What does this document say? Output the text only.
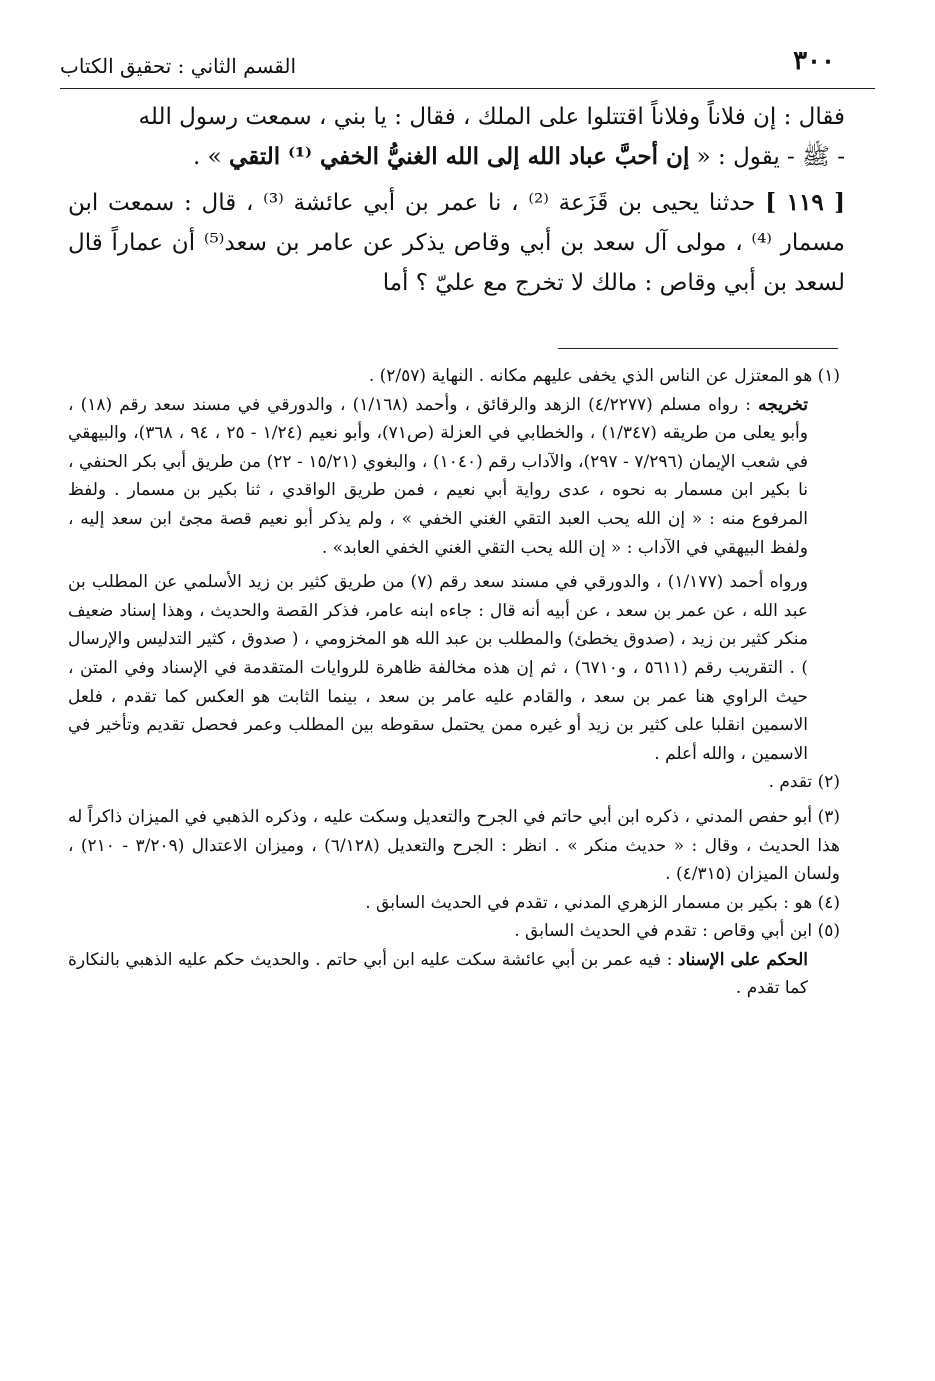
٣٠٠
القسم الثاني : تحقيق الكتاب

فقال : إن فلاناً وفلاناً اقتتلوا على الملك ، فقال : يا بني ، سمعت رسول الله

- ﷺ - يقول : « إن أحبَّ عباد الله إلى الله الغنيُّ الخفي ⁽¹⁾ التقي » .

[ ١١٩ ] حدثنا يحيى بن قَزَعة ⁽²⁾ ، نا عمر بن أبي عائشة ⁽³⁾ ، قال : سمعت ابن مسمار ⁽⁴⁾ ، مولى آل سعد بن أبي وقاص يذكر عن عامر بن سعد⁽⁵⁾ أن عماراً قال لسعد بن أبي وقاص : مالك لا تخرج مع عليّ ؟ أما

(١) هو المعتزل عن الناس الذي يخفى عليهم مكانه . النهاية (٢/٥٧) .

تخريجه : رواه مسلم (٤/٢٢٧٧) الزهد والرقائق ، وأحمد (١/١٦٨) ، والدورقي في مسند سعد رقم (١٨) ، وأبو يعلى من طريقه (١/٣٤٧) ، والخطابي في العزلة (ص٧١)، وأبو نعيم (١/٢٤ - ٢٥ ، ٩٤ ، ٣٦٨)، والبيهقي في شعب الإيمان (٧/٢٩٦ - ٢٩٧)، والآداب رقم (١٠٤٠) ، والبغوي (١٥/٢١ - ٢٢) من طريق أبي بكر الحنفي ، نا بكير ابن مسمار به نحوه ، عدى رواية أبي نعيم ، فمن طريق الواقدي ، ثنا بكير بن مسمار . ولفظ المرفوع منه : « إن الله يحب العبد التقي الغني الخفي » ، ولم يذكر أبو نعيم قصة مجئ ابن سعد إليه ، ولفظ البيهقي في الآداب : « إن الله يحب التقي الغني الخفي العابد» .

ورواه أحمد (١/١٧٧) ، والدورقي في مسند سعد رقم (٧) من طريق كثير بن زيد الأسلمي عن المطلب بن عبد الله ، عن عمر بن سعد ، عن أبيه أنه قال : جاءه ابنه عامر، فذكر القصة والحديث ، وهذا إسناد ضعيف منكر كثير بن زيد ، (صدوق يخطئ) والمطلب بن عبد الله هو المخزومي ، ( صدوق ، كثير التدليس والإرسال ) . التقريب رقم (٥٦١١ ، و٦٧١٠) ، ثم إن هذه مخالفة ظاهرة للروايات المتقدمة في الإسناد وفي المتن ، حيث الراوي هنا عمر بن سعد ، والقادم عليه عامر بن سعد ، بينما الثابت هو العكس كما تقدم ، فلعل الاسمين انقلبا على كثير بن زيد أو غيره ممن يحتمل سقوطه بين المطلب وعمر فحصل تقديم وتأخير في الاسمين ، والله أعلم .

(٢) تقدم .

(٣) أبو حفص المدني ، ذكره ابن أبي حاتم في الجرح والتعديل وسكت عليه ، وذكره الذهبي في الميزان ذاكراً له هذا الحديث ، وقال : « حديث منكر » . انظر : الجرح والتعديل (٦/١٢٨) ، وميزان الاعتدال (٣/٢٠٩ - ٢١٠) ، ولسان الميزان (٤/٣١٥) .

(٤) هو : بكير بن مسمار الزهري المدني ، تقدم في الحديث السابق .

(٥) ابن أبي وقاص : تقدم في الحديث السابق .

الحكم على الإسناد : فيه عمر بن أبي عائشة سكت عليه ابن أبي حاتم . والحديث حكم عليه الذهبي بالنكارة كما تقدم .
